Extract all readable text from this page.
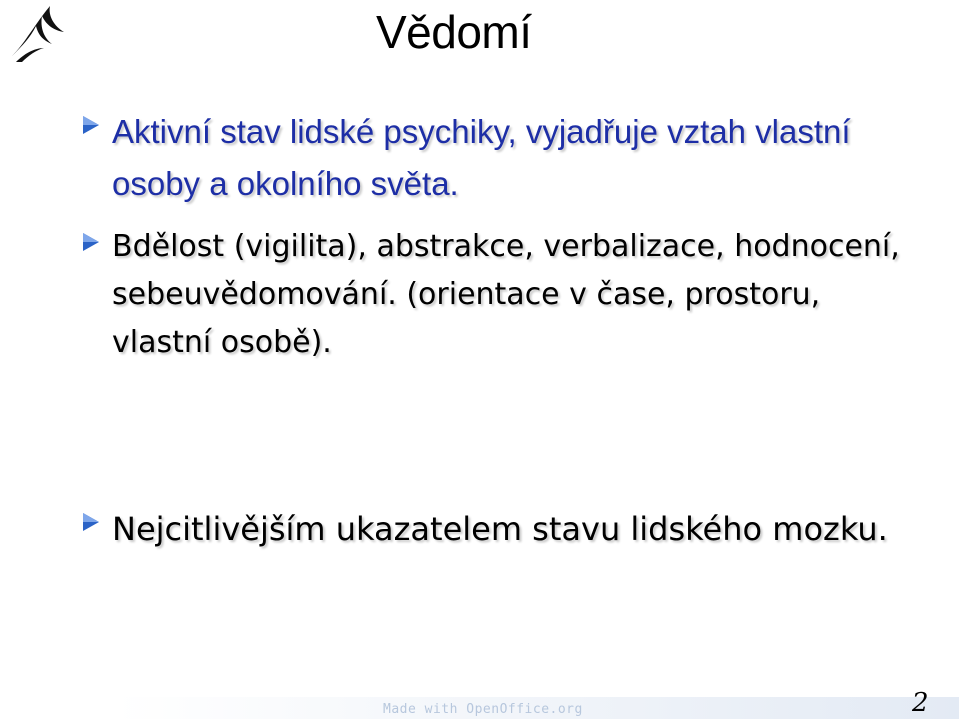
Vědomí
Aktivní stav lidské psychiky, vyjadřuje vztah vlastní osoby a okolního světa.
Bdělost (vigilita), abstrakce, verbalizace, hodnocení, sebeuvědomování. (orientace v čase, prostoru, vlastní osobě).
Nejcitlivějším ukazatelem stavu lidského mozku.
Made with OpenOffice.org	2
